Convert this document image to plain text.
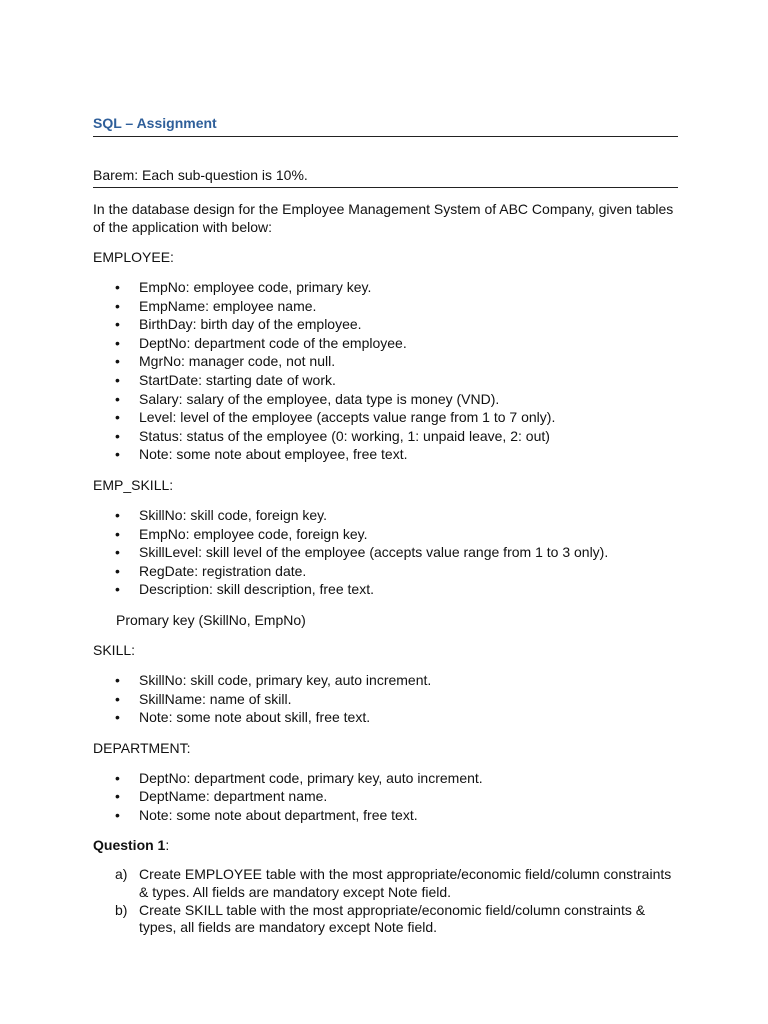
SQL – Assignment

Barem: Each sub-question is 10%.

In the database design for the Employee Management System of ABC Company, given tables of the application with below:

EMPLOYEE:

• EmpNo: employee code, primary key.
• EmpName: employee name.
• BirthDay: birth day of the employee.
• DeptNo: department code of the employee.
• MgrNo: manager code, not null.
• StartDate: starting date of work.
• Salary: salary of the employee, data type is money (VND).
• Level: level of the employee (accepts value range from 1 to 7 only).
• Status: status of the employee (0: working, 1: unpaid leave, 2: out)
• Note: some note about employee, free text.

EMP_SKILL:

• SkillNo: skill code, foreign key.
• EmpNo: employee code, foreign key.
• SkillLevel: skill level of the employee (accepts value range from 1 to 3 only).
• RegDate: registration date.
• Description: skill description, free text.

Promary key (SkillNo, EmpNo)

SKILL:

• SkillNo: skill code, primary key, auto increment.
• SkillName: name of skill.
• Note: some note about skill, free text.

DEPARTMENT:

• DeptNo: department code, primary key, auto increment.
• DeptName: department name.
• Note: some note about department, free text.

Question 1:

a) Create EMPLOYEE table with the most appropriate/economic field/column constraints & types. All fields are mandatory except Note field.
b) Create SKILL table with the most appropriate/economic field/column constraints & types, all fields are mandatory except Note field.
